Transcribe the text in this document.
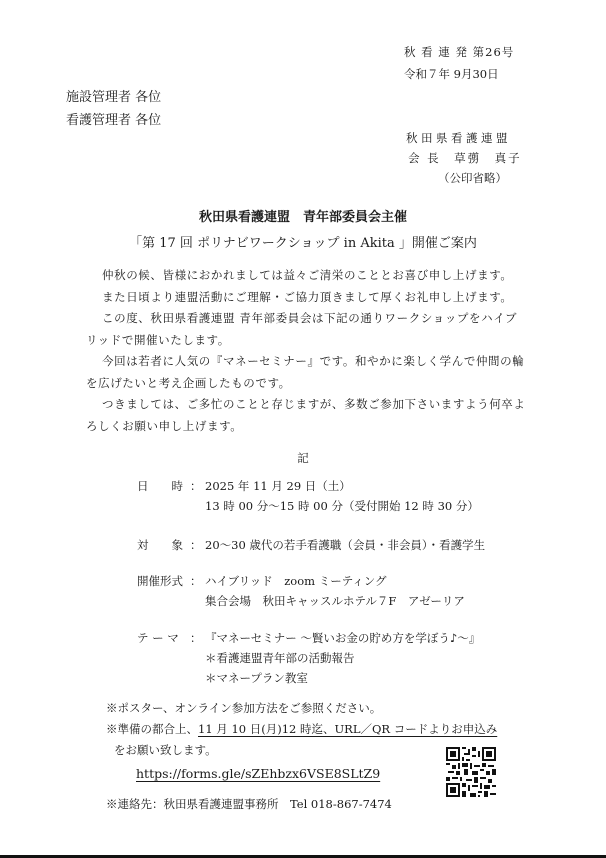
秋 看 連 発 第26号
令和７年 9月30日
施設管理者 各位
看護管理者 各位
秋田県看護連盟
会 長　草彅　真子
（公印省略）
秋田県看護連盟　青年部委員会主催
「第 17 回 ポリナビワークショップ in Akita 」開催ご案内
仲秋の候、皆様におかれましては益々ご清栄のこととお喜び申し上げます。
また日頃より連盟活動にご理解・ご協力頂きまして厚くお礼申し上げます。
この度、秋田県看護連盟 青年部委員会は下記の通りワークショップをハイブリッドで開催いたします。
今回は若者に人気の『マネーセミナー』です。和やかに楽しく学んで仲間の輪を広げたいと考え企画したものです。
つきましては、ご多忙のことと存じますが、多数ご参加下さいますよう何卒よろしくお願い申し上げます。
記
日　　時 ： 2025 年 11 月 29 日（土）
13 時 00 分～15 時 00 分（受付開始 12 時 30 分）
対　　象 ： 20～30 歳代の若手看護職（会員・非会員）・看護学生
開催形式 ： ハイブリッド　zoom ミーティング
集合会場　秋田キャッスルホテル７F　アゼーリア
テ ー マ ： 『マネーセミナー ～賢いお金の貯め方を学ぼう♪～』
＊看護連盟青年部の活動報告
＊マネープラン教室
※ポスター、オンライン参加方法をご参照ください。
※準備の都合上、11 月 10 日(月)12 時迄、URL／QR コードよりお申込み
をお願い致します。
https://forms.gle/sZEhbzx6VSE8SLtZ9
※連絡先：秋田県看護連盟事務所　Tel 018-867-7474
